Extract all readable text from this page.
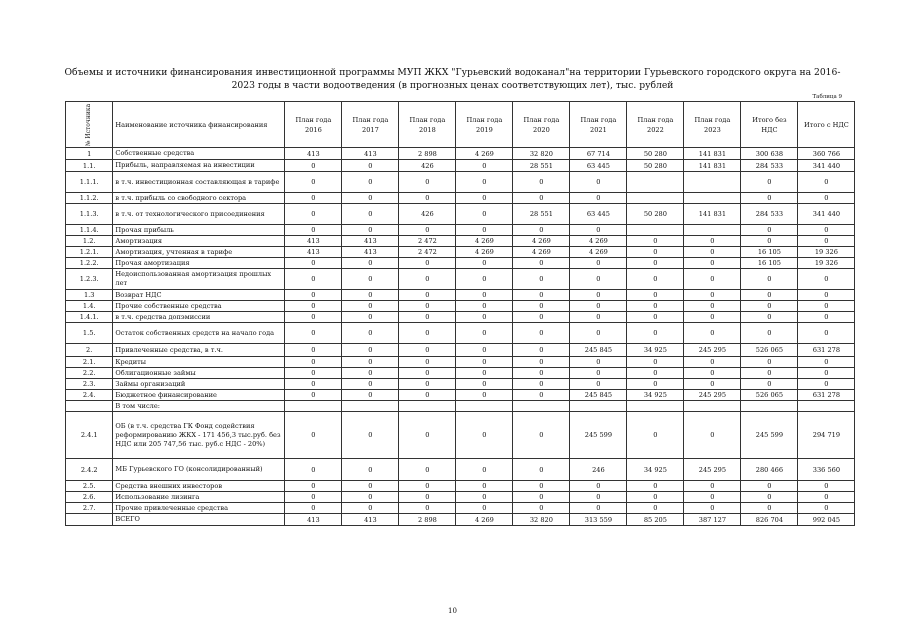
Объемы и источники финансирования инвестиционной программы МУП ЖКХ "Гурьевский водоканал"на территории Гурьевского городского округа на 2016-2023 годы в части водоотведения (в прогнозных ценах соответствующих лет), тыс. рублей
Таблица 9
№ Источника	Наименование источника финансирования	План года 2016	План года 2017	План года 2018	План года 2019	План года 2020	План года 2021	План года 2022	План года 2023	Итого без НДС	Итого с НДС
1	Собственные средства	413	413	2 898	4 269	32 820	67 714	50 280	141 831	300 638	360 766
1.1.	Прибыль, направляемая на инвестиции	0	0	426	0	28 551	63 445	50 280	141 831	284 533	341 440
1.1.1.	в т.ч. инвестиционная составляющая в тарифе	0	0	0	0	0	0			0	0
1.1.2.	в т.ч. прибыль со свободного сектора	0	0	0	0	0	0			0	0
1.1.3.	в т.ч. от технологического присоединения	0	0	426	0	28 551	63 445	50 280	141 831	284 533	341 440
1.1.4.	Прочая прибыль	0	0	0	0	0	0			0	0
1.2.	Амортизация	413	413	2 472	4 269	4 269	4 269	0	0	0	0
1.2.1.	Амортизация, учтенная в тарифе	413	413	2 472	4 269	4 269	4 269	0	0	16 105	19 326
1.2.2.	Прочая амортизация	0	0	0	0	0	0	0	0	16 105	19 326
1.2.3.	Недоиспользованная амортизация прошлых лет	0	0	0	0	0	0	0	0	0	0
1.3	Возврат НДС	0	0	0	0	0	0	0	0	0	0
1.4.	Прочие собственные средства	0	0	0	0	0	0	0	0	0	0
1.4.1.	в т.ч. средства допэмиссии	0	0	0	0	0	0	0	0	0	0
1.5.	Остаток собственных средств на начало года	0	0	0	0	0	0	0	0	0	0
2.	Привлеченные средства, в т.ч.	0	0	0	0	0	245 845	34 925	245 295	526 065	631 278
2.1.	Кредиты	0	0	0	0	0	0	0	0	0	0
2.2.	Облигационные займы	0	0	0	0	0	0	0	0	0	0
2.3.	Займы организаций	0	0	0	0	0	0	0	0	0	0
2.4.	Бюджетное финансирование	0	0	0	0	0	245 845	34 925	245 295	526 065	631 278
	В том числе:										
2.4.1	ОБ (в т.ч. средства ГК Фонд содействия реформированию ЖКХ - 171 456,3 тыс.руб. без НДС или 205 747,56 тыс. руб.с НДС - 20%)	0	0	0	0	0	245 599	0	0	245 599	294 719
2.4.2	МБ Гурьевского ГО (консолидированный)	0	0	0	0	0	246	34 925	245 295	280 466	336 560
2.5.	Средства внешних инвесторов	0	0	0	0	0	0	0	0	0	0
2.6.	Использование лизинга	0	0	0	0	0	0	0	0	0	0
2.7.	Прочие привлеченные средства	0	0	0	0	0	0	0	0	0	0
	ВСЕГО	413	413	2 898	4 269	32 820	313 559	85 205	387 127	826 704	992 045
10
